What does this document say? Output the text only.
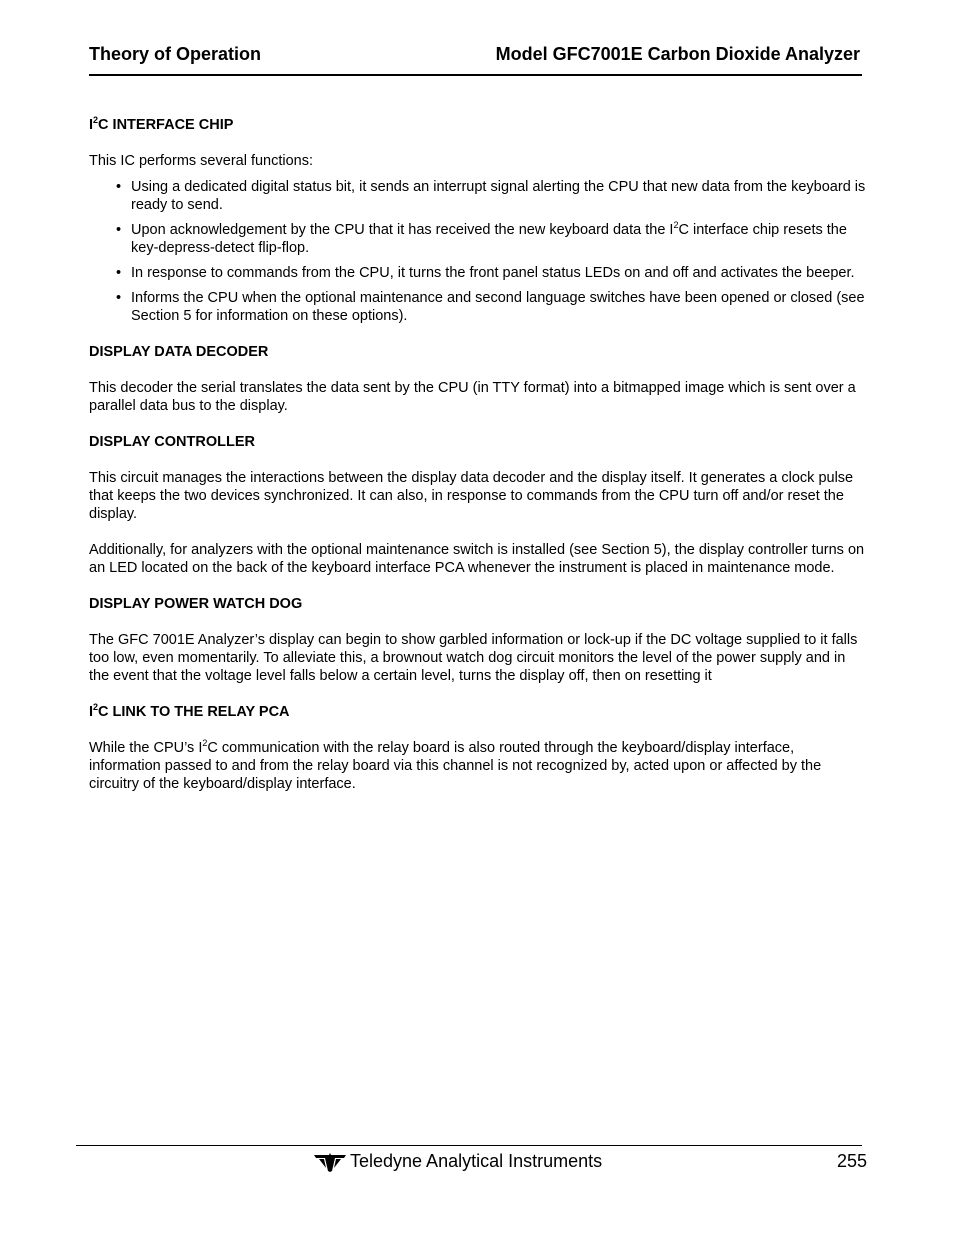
Theory of Operation	Model GFC7001E Carbon Dioxide Analyzer

$I^2C$ INTERFACE CHIP

This IC performs several functions:

• Using a dedicated digital status bit, it sends an interrupt signal alerting the CPU that new data from the keyboard is ready to send.
• Upon acknowledgement by the CPU that it has received the new keyboard data the $I^2C$ interface chip resets the key-depress-detect flip-flop.
• In response to commands from the CPU, it turns the front panel status LEDs on and off and activates the beeper.
• Informs the CPU when the optional maintenance and second language switches have been opened or closed (see Section 5 for information on these options).

DISPLAY DATA DECODER

This decoder the serial translates the data sent by the CPU (in TTY format) into a bitmapped image which is sent over a parallel data bus to the display.

DISPLAY CONTROLLER

This circuit manages the interactions between the display data decoder and the display itself. It generates a clock pulse that keeps the two devices synchronized. It can also, in response to commands from the CPU turn off and/or reset the display.

Additionally, for analyzers with the optional maintenance switch is installed (see Section 5), the display controller turns on an LED located on the back of the keyboard interface PCA whenever the instrument is placed in maintenance mode.

DISPLAY POWER WATCH DOG

The GFC 7001E Analyzer’s display can begin to show garbled information or lock-up if the DC voltage supplied to it falls too low, even momentarily. To alleviate this, a brownout watch dog circuit monitors the level of the power supply and in the event that the voltage level falls below a certain level, turns the display off, then on resetting it

$I^2C$ LINK TO THE RELAY PCA

While the CPU’s $I^2C$ communication with the relay board is also routed through the keyboard/display interface, information passed to and from the relay board via this channel is not recognized by, acted upon or affected by the circuitry of the keyboard/display interface.

Teledyne Analytical Instruments	255
